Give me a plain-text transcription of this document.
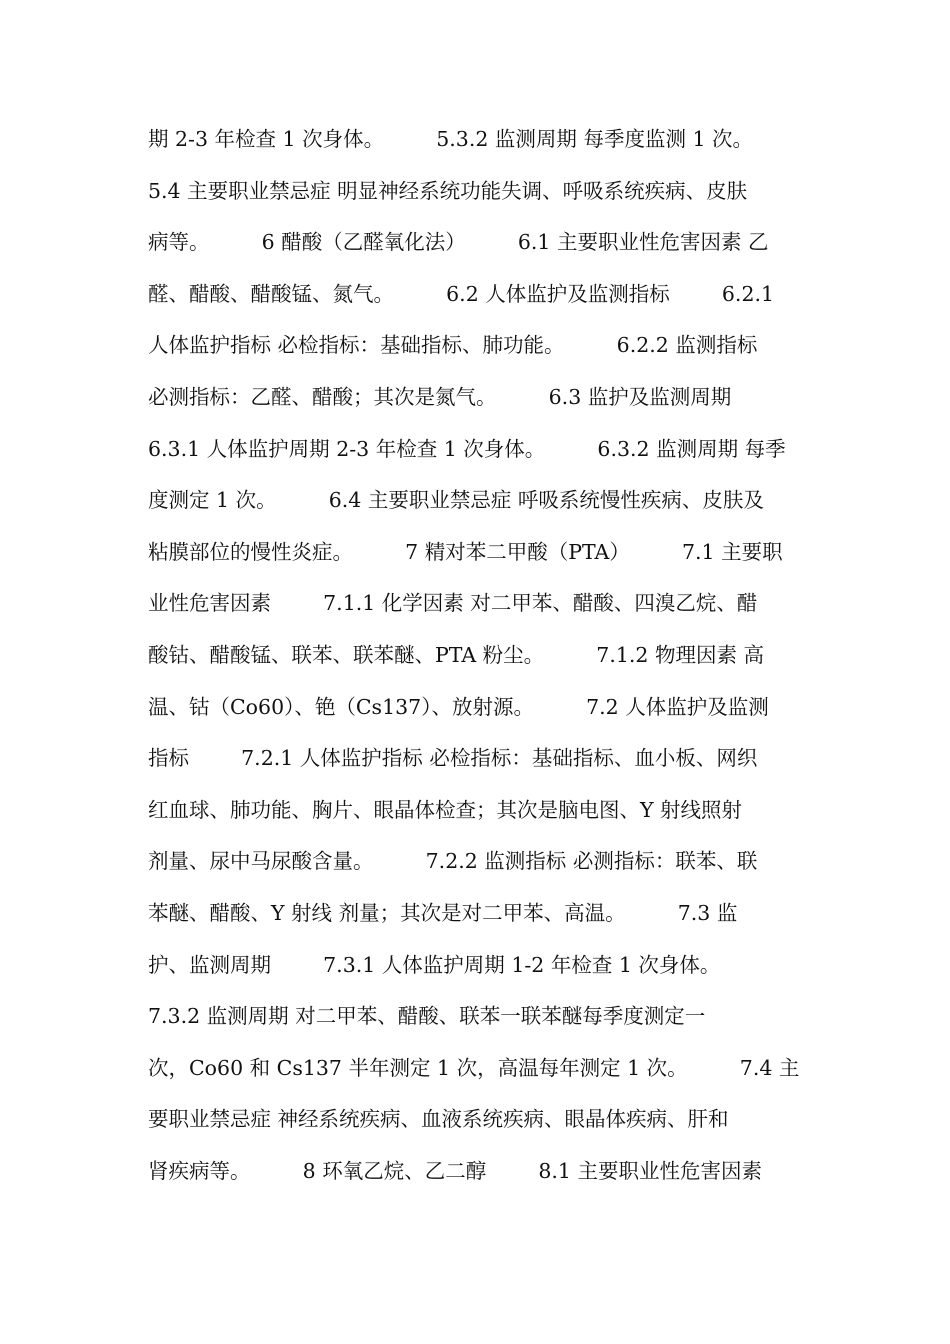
期 2-3 年检查 1 次身体。        5.3.2 监测周期 每季度监测 1 次。
5.4 主要职业禁忌症 明显神经系统功能失调、呼吸系统疾病、皮肤
病等。        6 醋酸（乙醛氧化法）        6.1 主要职业性危害因素 乙
醛、醋酸、醋酸锰、氮气。        6.2 人体监护及监测指标        6.2.1
人体监护指标 必检指标：基础指标、肺功能。        6.2.2 监测指标
必测指标：乙醛、醋酸；其次是氮气。        6.3 监护及监测周期
6.3.1 人体监护周期 2-3 年检查 1 次身体。        6.3.2 监测周期 每季
度测定 1 次。        6.4 主要职业禁忌症 呼吸系统慢性疾病、皮肤及
粘膜部位的慢性炎症。        7 精对苯二甲酸（PTA）        7.1 主要职
业性危害因素        7.1.1 化学因素 对二甲苯、醋酸、四溴乙烷、醋
酸钴、醋酸锰、联苯、联苯醚、PTA 粉尘。        7.1.2 物理因素 高
温、钴（Co60）、铯（Cs137）、放射源。        7.2 人体监护及监测
指标        7.2.1 人体监护指标 必检指标：基础指标、血小板、网织
红血球、肺功能、胸片、眼晶体检查；其次是脑电图、Y 射线照射
剂量、尿中马尿酸含量。        7.2.2 监测指标 必测指标：联苯、联
苯醚、醋酸、Y 射线 剂量；其次是对二甲苯、高温。        7.3 监
护、监测周期        7.3.1 人体监护周期 1-2 年检查 1 次身体。
7.3.2 监测周期 对二甲苯、醋酸、联苯一联苯醚每季度测定一
次，Co60 和 Cs137 半年测定 1 次，高温每年测定 1 次。        7.4 主
要职业禁忌症 神经系统疾病、血液系统疾病、眼晶体疾病、肝和
肾疾病等。        8 环氧乙烷、乙二醇        8.1 主要职业性危害因素
